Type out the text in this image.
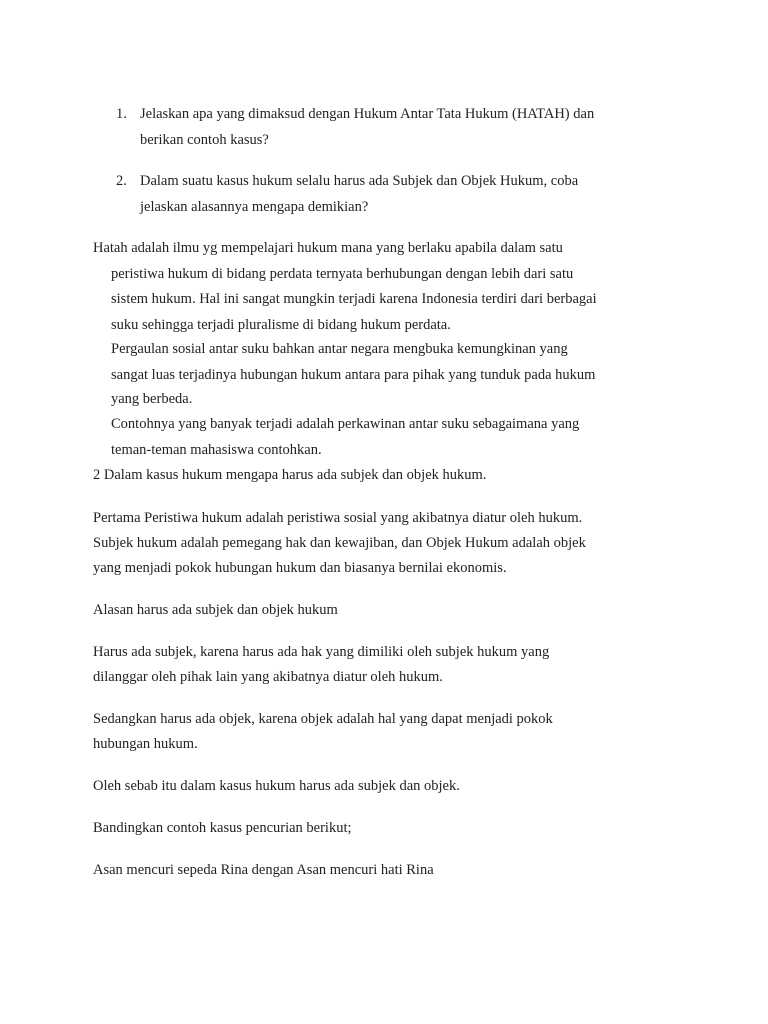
1. Jelaskan apa yang dimaksud dengan Hukum Antar Tata Hukum (HATAH) dan
berikan contoh kasus?
2. Dalam suatu kasus hukum selalu harus ada Subjek dan Objek Hukum, coba
jelaskan alasannya mengapa demikian?
Hatah adalah ilmu yg mempelajari hukum mana yang berlaku apabila dalam satu
peristiwa hukum di bidang perdata ternyata berhubungan dengan lebih dari satu
sistem hukum. Hal ini sangat mungkin terjadi karena Indonesia terdiri dari berbagai
suku sehingga terjadi pluralisme di bidang hukum perdata.
Pergaulan sosial antar suku bahkan antar negara mengbuka kemungkinan yang
sangat luas terjadinya hubungan hukum antara para pihak yang tunduk pada hukum
yang berbeda.
Contohnya yang banyak terjadi adalah perkawinan antar suku sebagaimana yang
teman-teman mahasiswa contohkan.
2 Dalam kasus hukum mengapa harus ada subjek dan objek hukum.
Pertama Peristiwa hukum adalah peristiwa sosial yang akibatnya diatur oleh hukum.
Subjek hukum adalah pemegang hak dan kewajiban, dan Objek Hukum adalah objek
yang menjadi pokok hubungan hukum dan biasanya bernilai ekonomis.
Alasan harus ada subjek dan objek hukum
Harus ada subjek, karena harus ada hak yang dimiliki oleh subjek hukum yang
dilanggar oleh pihak lain yang akibatnya diatur oleh hukum.
Sedangkan harus ada objek, karena objek adalah hal yang dapat menjadi pokok
hubungan hukum.
Oleh sebab itu dalam kasus hukum harus ada subjek dan objek.
Bandingkan contoh kasus pencurian berikut;
Asan mencuri sepeda Rina dengan Asan mencuri hati Rina
